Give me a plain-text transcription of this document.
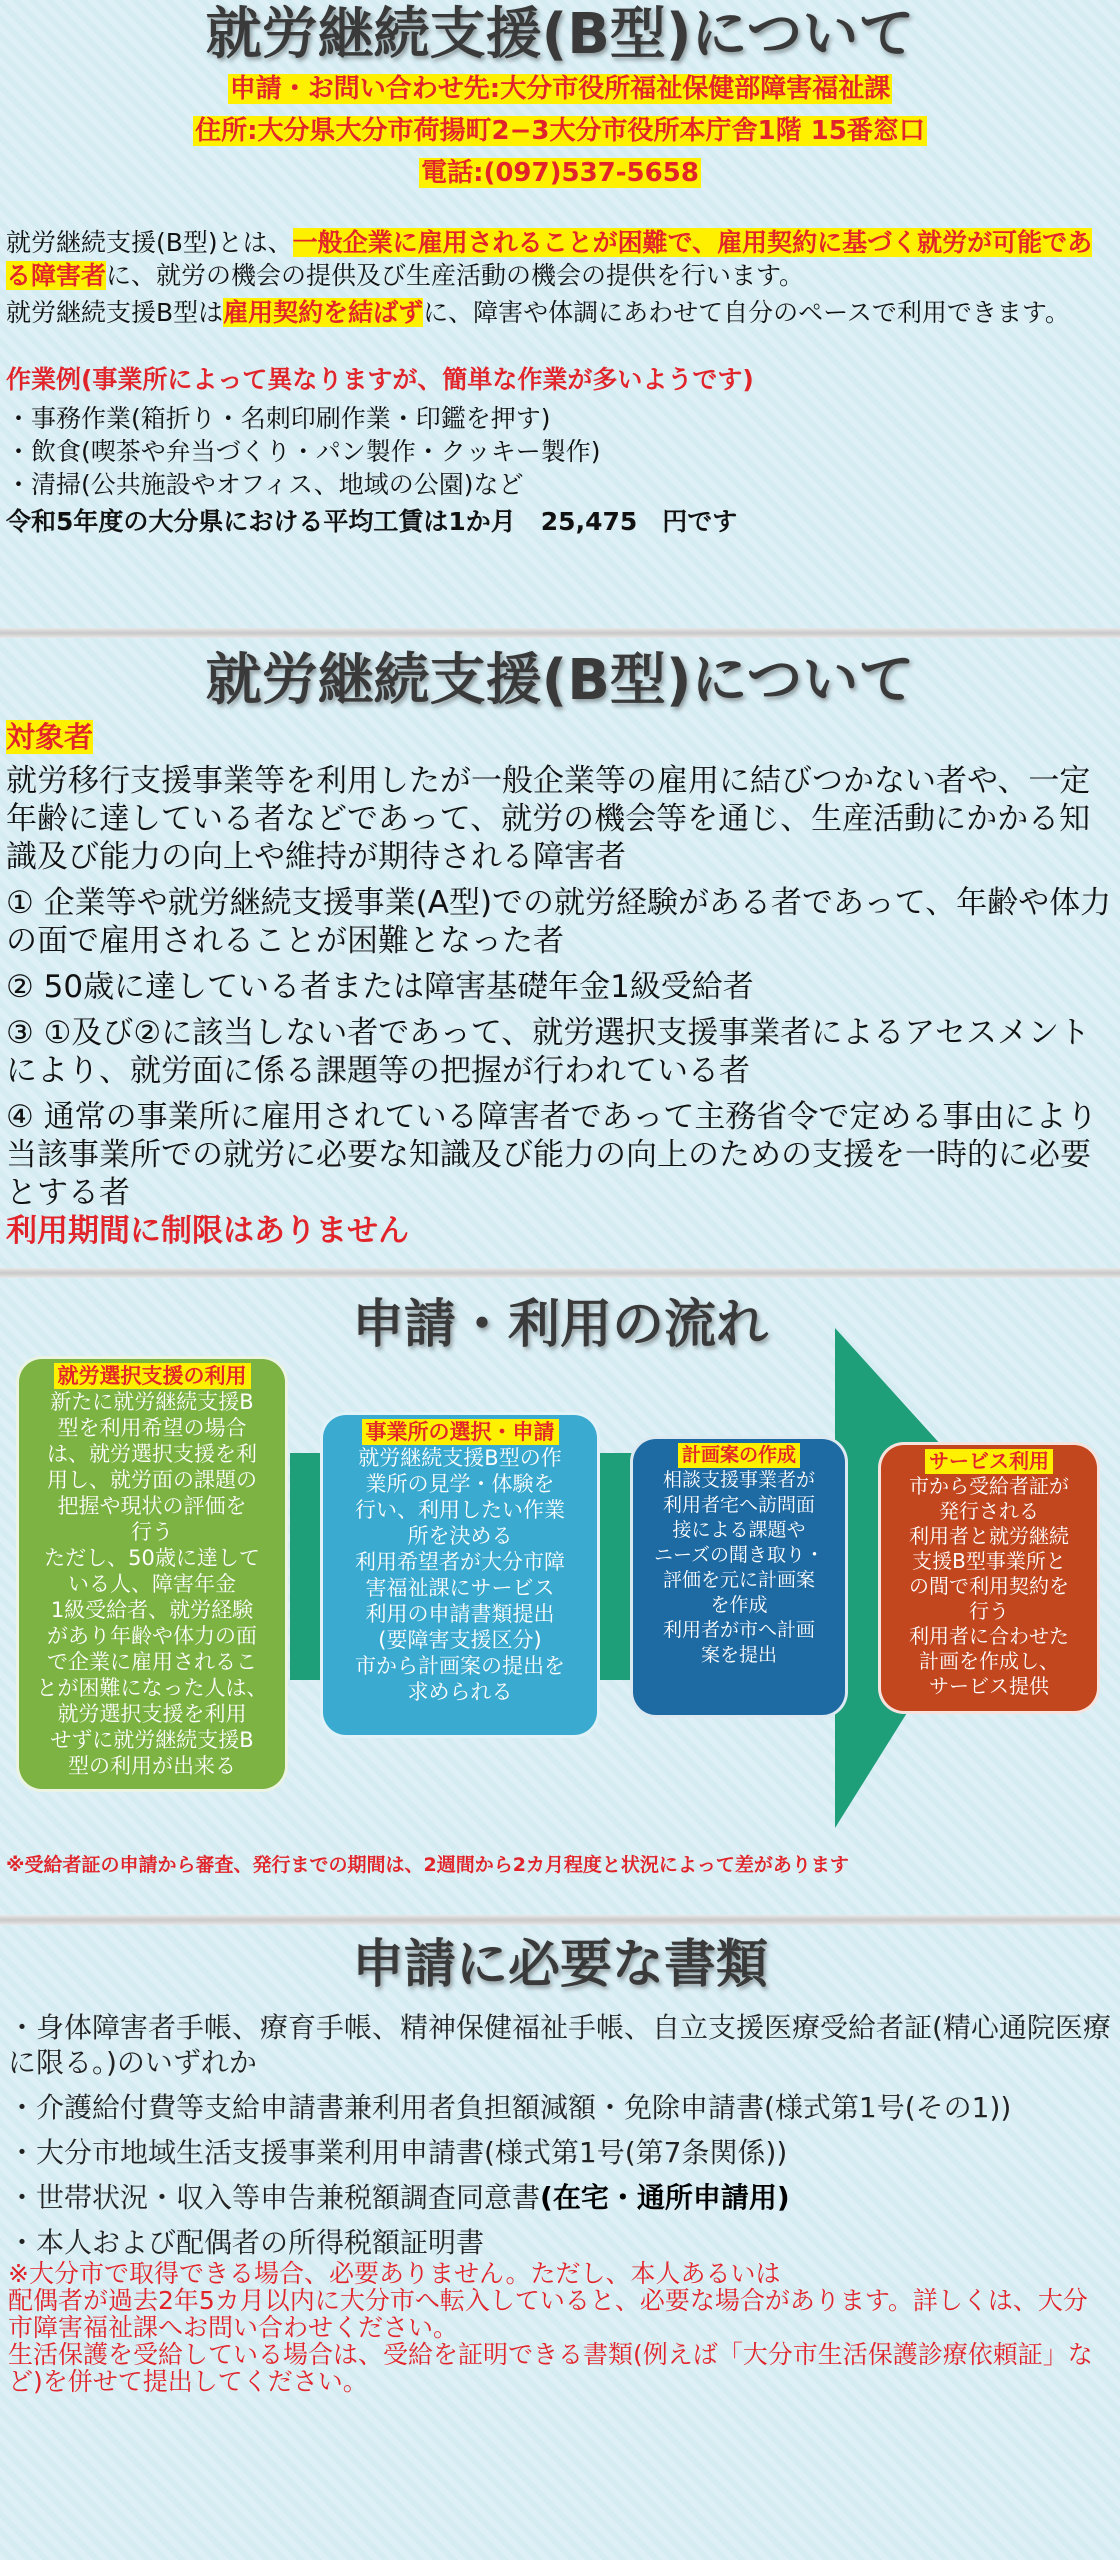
就労継続支援(B型)について
申請・お問い合わせ先:大分市役所福祉保健部障害福祉課
住所:大分県大分市荷揚町2−3大分市役所本庁舎1階 15番窓口
電話:(097)537-5658

就労継続支援(B型)とは、一般企業に雇用されることが困難で、雇用契約に基づく就労が可能である障害者に、就労の機会の提供及び生産活動の機会の提供を行います。

就労継続支援B型は雇用契約を結ばずに、障害や体調にあわせて自分のペースで利用できます。

作業例(事業所によって異なりますが、簡単な作業が多いようです)

・事務作業(箱折り・名刺印刷作業・印鑑を押す)

・飲食(喫茶や弁当づくり・パン製作・クッキー製作)

・清掃(公共施設やオフィス、地域の公園)など

令和5年度の大分県における平均工賃は1か月　25,475　円です

就労継続支援(B型)について

対象者

就労移行支援事業等を利用したが一般企業等の雇用に結びつかない者や、一定年齢に達している者などであって、就労の機会等を通じ、生産活動にかかる知識及び能力の向上や維持が期待される障害者

① 企業等や就労継続支援事業(A型)での就労経験がある者であって、年齢や体力の面で雇用されることが困難となった者

② 50歳に達している者または障害基礎年金1級受給者

③ ①及び②に該当しない者であって、就労選択支援事業者によるアセスメントにより、就労面に係る課題等の把握が行われている者

④ 通常の事業所に雇用されている障害者であって主務省令で定める事由により当該事業所での就労に必要な知識及び能力の向上のための支援を一時的に必要とする者

利用期間に制限はありません

申請・利用の流れ
就労選択支援の利用
新たに就労継続支援B
型を利用希望の場合
は、就労選択支援を利
用し、就労面の課題の
把握や現状の評価を
行う
ただし、50歳に達して
いる人、障害年金
1級受給者、就労経験
があり年齢や体力の面
で企業に雇用されるこ
とが困難になった人は、
就労選択支援を利用
せずに就労継続支援B
型の利用が出来る
事業所の選択・申請
就労継続支援B型の作
業所の見学・体験を
行い、利用したい作業
所を決める
利用希望者が大分市障
害福祉課にサービス
利用の申請書類提出
(要障害支援区分)
市から計画案の提出を
求められる
計画案の作成
相談支援事業者が
利用者宅へ訪問面
接による課題や
ニーズの聞き取り・
評価を元に計画案
を作成
利用者が市へ計画
案を提出
サービス利用
市から受給者証が
発行される
利用者と就労継続
支援B型事業所と
の間で利用契約を
行う
利用者に合わせた
計画を作成し、
サービス提供
※受給者証の申請から審査、発行までの期間は、2週間から2カ月程度と状況によって差があります
申請に必要な書類
・身体障害者手帳、療育手帳、精神保健福祉手帳、自立支援医療受給者証(精心通院医療に限る。)のいずれか
・介護給付費等支給申請書兼利用者負担額減額・免除申請書(様式第1号(その1))
・大分市地域生活支援事業利用申請書(様式第1号(第7条関係))
・世帯状況・収入等申告兼税額調査同意書(在宅・通所申請用)
・本人および配偶者の所得税額証明書

※大分市で取得できる場合、必要ありません。ただし、本人あるいは

配偶者が過去2年5カ月以内に大分市へ転入していると、必要な場合があります。詳しくは、大分市障害福祉課へお問い合わせください。

生活保護を受給している場合は、受給を証明できる書類(例えば「大分市生活保護診療依頼証」など)を併せて提出してください。
